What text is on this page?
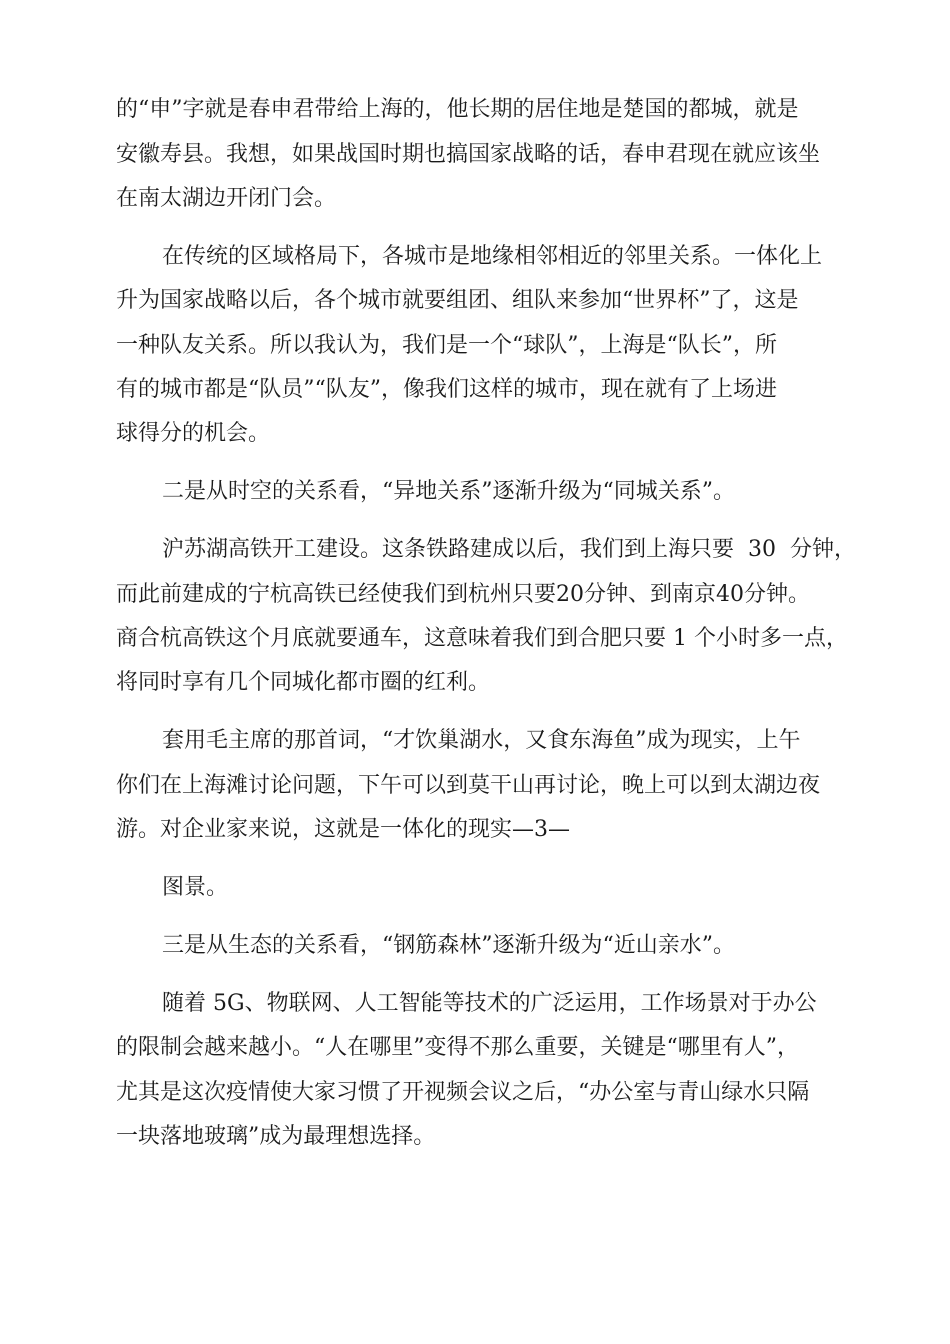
的“申”字就是春申君带给上海的，他长期的居住地是楚国的都城，就是
安徽寿县。我想，如果战国时期也搞国家战略的话，春申君现在就应该坐
在南太湖边开闭门会。
在传统的区域格局下，各城市是地缘相邻相近的邻里关系。一体化上
升为国家战略以后，各个城市就要组团、组队来参加“世界杯”了，这是
一种队友关系。所以我认为，我们是一个“球队”，上海是“队长”，所
有的城市都是“队员”“队友”，像我们这样的城市，现在就有了上场进
球得分的机会。
二是从时空的关系看，“异地关系”逐渐升级为“同城关系”。
沪苏湖高铁开工建设。这条铁路建成以后，我们到上海只要  30  分钟，
而此前建成的宁杭高铁已经使我们到杭州只要20分钟、到南京40分钟。
商合杭高铁这个月底就要通车，这意味着我们到合肥只要 1 个小时多一点，
将同时享有几个同城化都市圈的红利。
套用毛主席的那首词，“才饮巢湖水，又食东海鱼”成为现实，上午
你们在上海滩讨论问题，下午可以到莫干山再讨论，晚上可以到太湖边夜
游。对企业家来说，这就是一体化的现实—3—
图景。
三是从生态的关系看，“钢筋森林”逐渐升级为“近山亲水”。
随着 5G、物联网、人工智能等技术的广泛运用，工作场景对于办公
的限制会越来越小。“人在哪里”变得不那么重要，关键是“哪里有人”，
尤其是这次疫情使大家习惯了开视频会议之后，“办公室与青山绿水只隔
一块落地玻璃”成为最理想选择。
